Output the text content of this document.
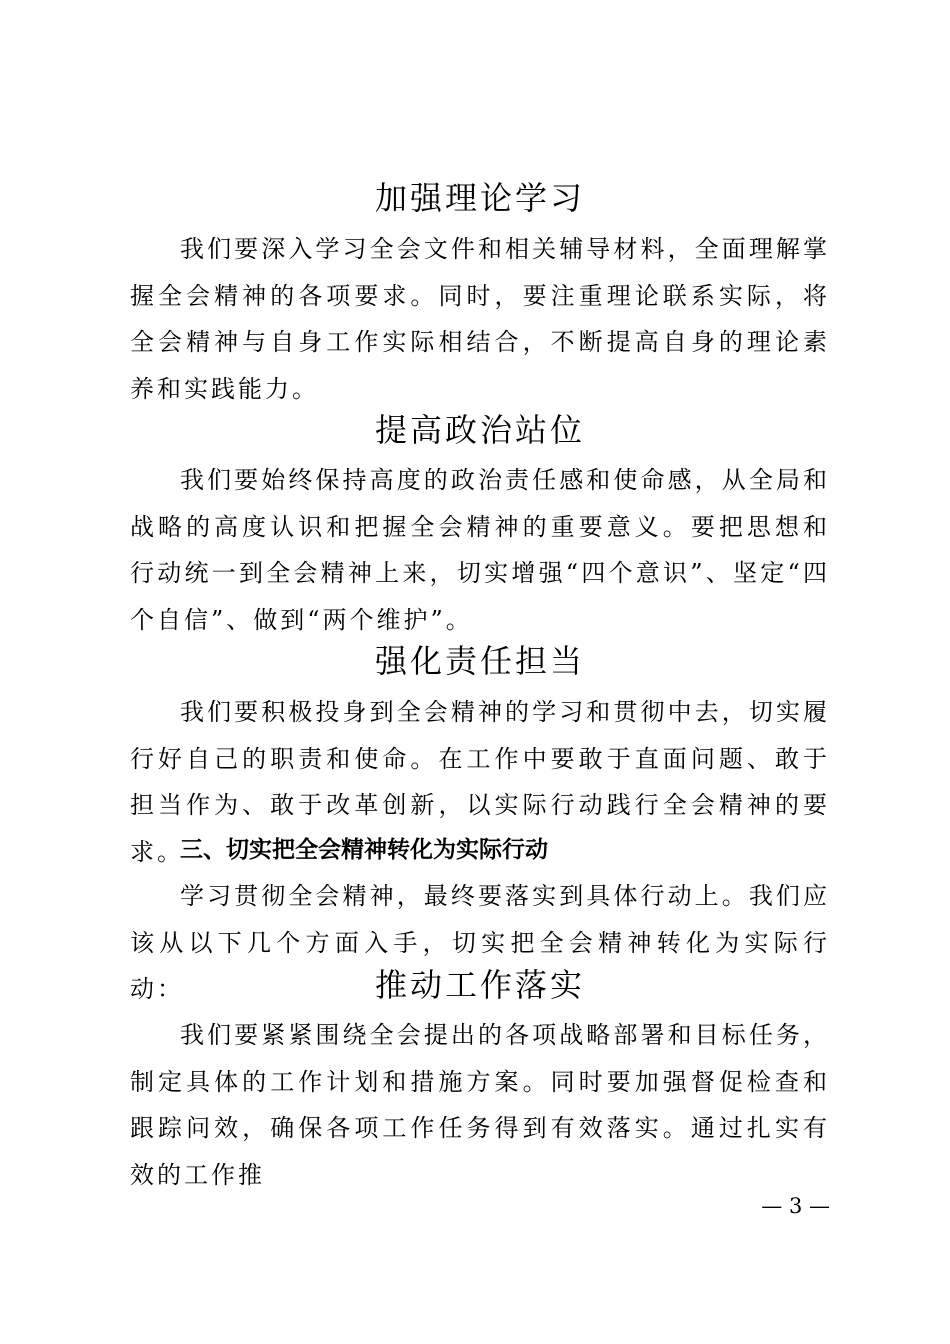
加强理论学习

我们要深入学习全会文件和相关辅导材料，全面理解掌握全会精神的各项要求。同时，要注重理论联系实际，将全会精神与自身工作实际相结合，不断提高自身的理论素养和实践能力。

提高政治站位

我们要始终保持高度的政治责任感和使命感，从全局和战略的高度认识和把握全会精神的重要意义。要把思想和行动统一到全会精神上来，切实增强“四个意识”、坚定“四个自信”、做到“两个维护”。

强化责任担当

我们要积极投身到全会精神的学习和贯彻中去，切实履行好自己的职责和使命。在工作中要敢于直面问题、敢于担当作为、敢于改革创新，以实际行动践行全会精神的要求。

三、切实把全会精神转化为实际行动

学习贯彻全会精神，最终要落实到具体行动上。我们应该从以下几个方面入手，切实把全会精神转化为实际行动：	推动工作落实

我们要紧紧围绕全会提出的各项战略部署和目标任务，制定具体的工作计划和措施方案。同时要加强督促检查和跟踪问效，确保各项工作任务得到有效落实。通过扎实有效的工作推

— 3 —
